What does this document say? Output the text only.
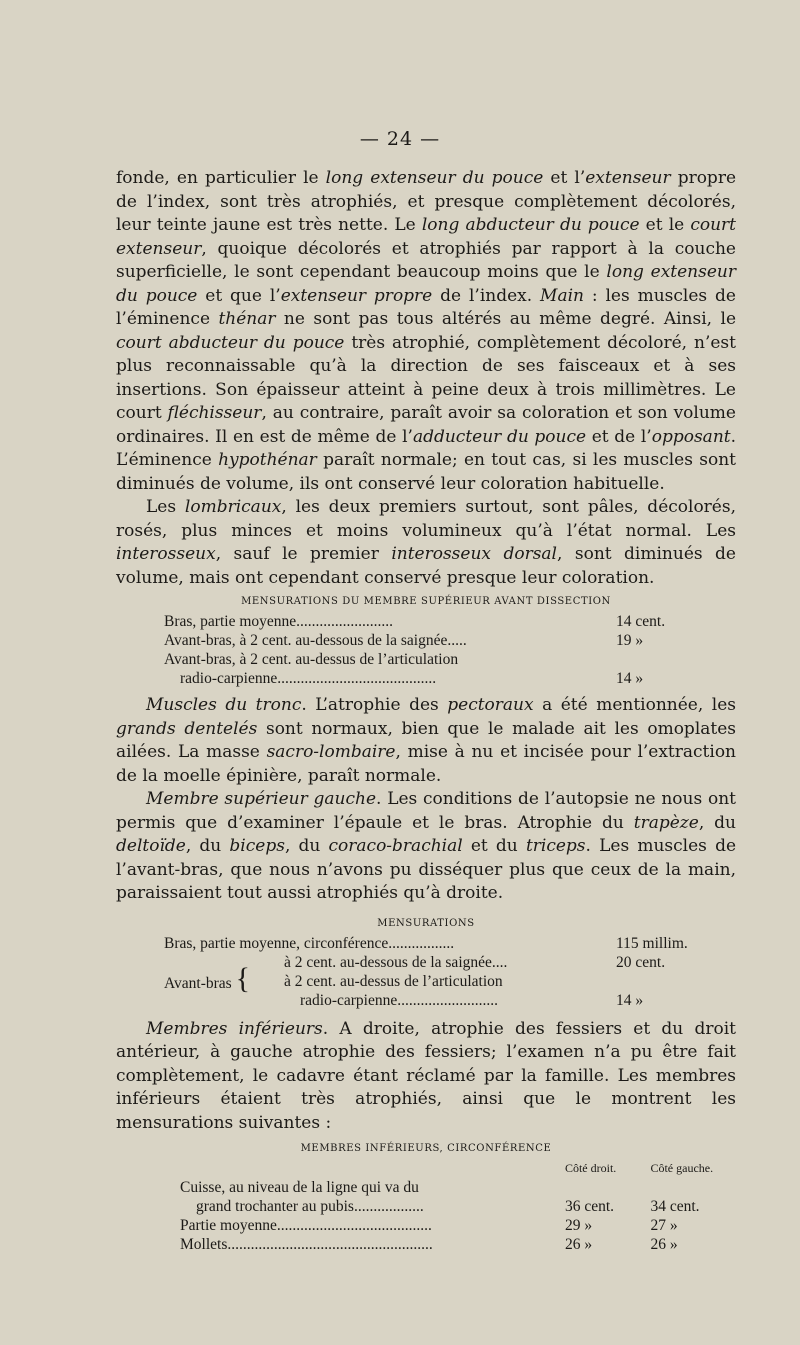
— 24 —

fonde, en particulier le long extenseur du pouce et l’extenseur propre de l’index, sont très atrophiés, et presque complètement décolorés, leur teinte jaune est très nette. Le long abducteur du pouce et le court extenseur, quoique décolorés et atrophiés par rapport à la couche superficielle, le sont cependant beaucoup moins que le long extenseur du pouce et que l’extenseur propre de l’index. Main : les muscles de l’éminence thénar ne sont pas tous altérés au même degré. Ainsi, le court abducteur du pouce très atrophié, complètement décoloré, n’est plus reconnaissable qu’à la direction de ses faisceaux et à ses insertions. Son épaisseur atteint à peine deux à trois millimètres. Le court fléchisseur, au contraire, paraît avoir sa coloration et son volume ordinaires. Il en est de même de l’adducteur du pouce et de l’opposant. L’éminence hypothénar paraît normale; en tout cas, si les muscles sont diminués de volume, ils ont conservé leur coloration habituelle.

Les lombricaux, les deux premiers surtout, sont pâles, décolorés, rosés, plus minces et moins volumineux qu’à l’état normal. Les interosseux, sauf le premier interosseux dorsal, sont diminués de volume, mais ont cependant conservé presque leur coloration.

MENSURATIONS DU MEMBRE SUPÉRIEUR AVANT DISSECTION
Bras, partie moyenne.........................	14 cent.
Avant-bras, à 2 cent. au-dessous de la saignée.....	19 »
Avant-bras, à 2 cent. au-dessus de l’articulation	
radio-carpienne.........................................	14 »

Muscles du tronc. L’atrophie des pectoraux a été mentionnée, les grands dentelés sont normaux, bien que le malade ait les omoplates ailées. La masse sacro-lombaire, mise à nu et incisée pour l’extraction de la moelle épinière, paraît normale.

Membre supérieur gauche. Les conditions de l’autopsie ne nous ont permis que d’examiner l’épaule et le bras. Atrophie du trapèze, du deltoïde, du biceps, du coraco-brachial et du triceps. Les muscles de l’avant-bras, que nous n’avons pu disséquer plus que ceux de la main, paraissaient tout aussi atrophiés qu’à droite.

MENSURATIONS
Bras, partie moyenne, circonférence.................		115 millim.
Avant-bras {	à 2 cent. au-dessous de la saignée....	20 cent.
	à 2 cent. au-dessus de l’articulation	
	radio-carpienne..........................	14 »

Membres inférieurs. A droite, atrophie des fessiers et du droit antérieur, à gauche atrophie des fessiers; l’examen n’a pu être fait complètement, le cadavre étant réclamé par la famille. Les membres inférieurs étaient très atrophiés, ainsi que le montrent les mensurations suivantes :

MEMBRES INFÉRIEURS, CIRCONFÉRENCE
	Côté droit.	Côté gauche.
Cuisse, au niveau de la ligne qui va du		
grand trochanter au pubis..................	36 cent.	34 cent.
Partie moyenne........................................	29 »	27 »
Mollets.....................................................	26 »	26 »
